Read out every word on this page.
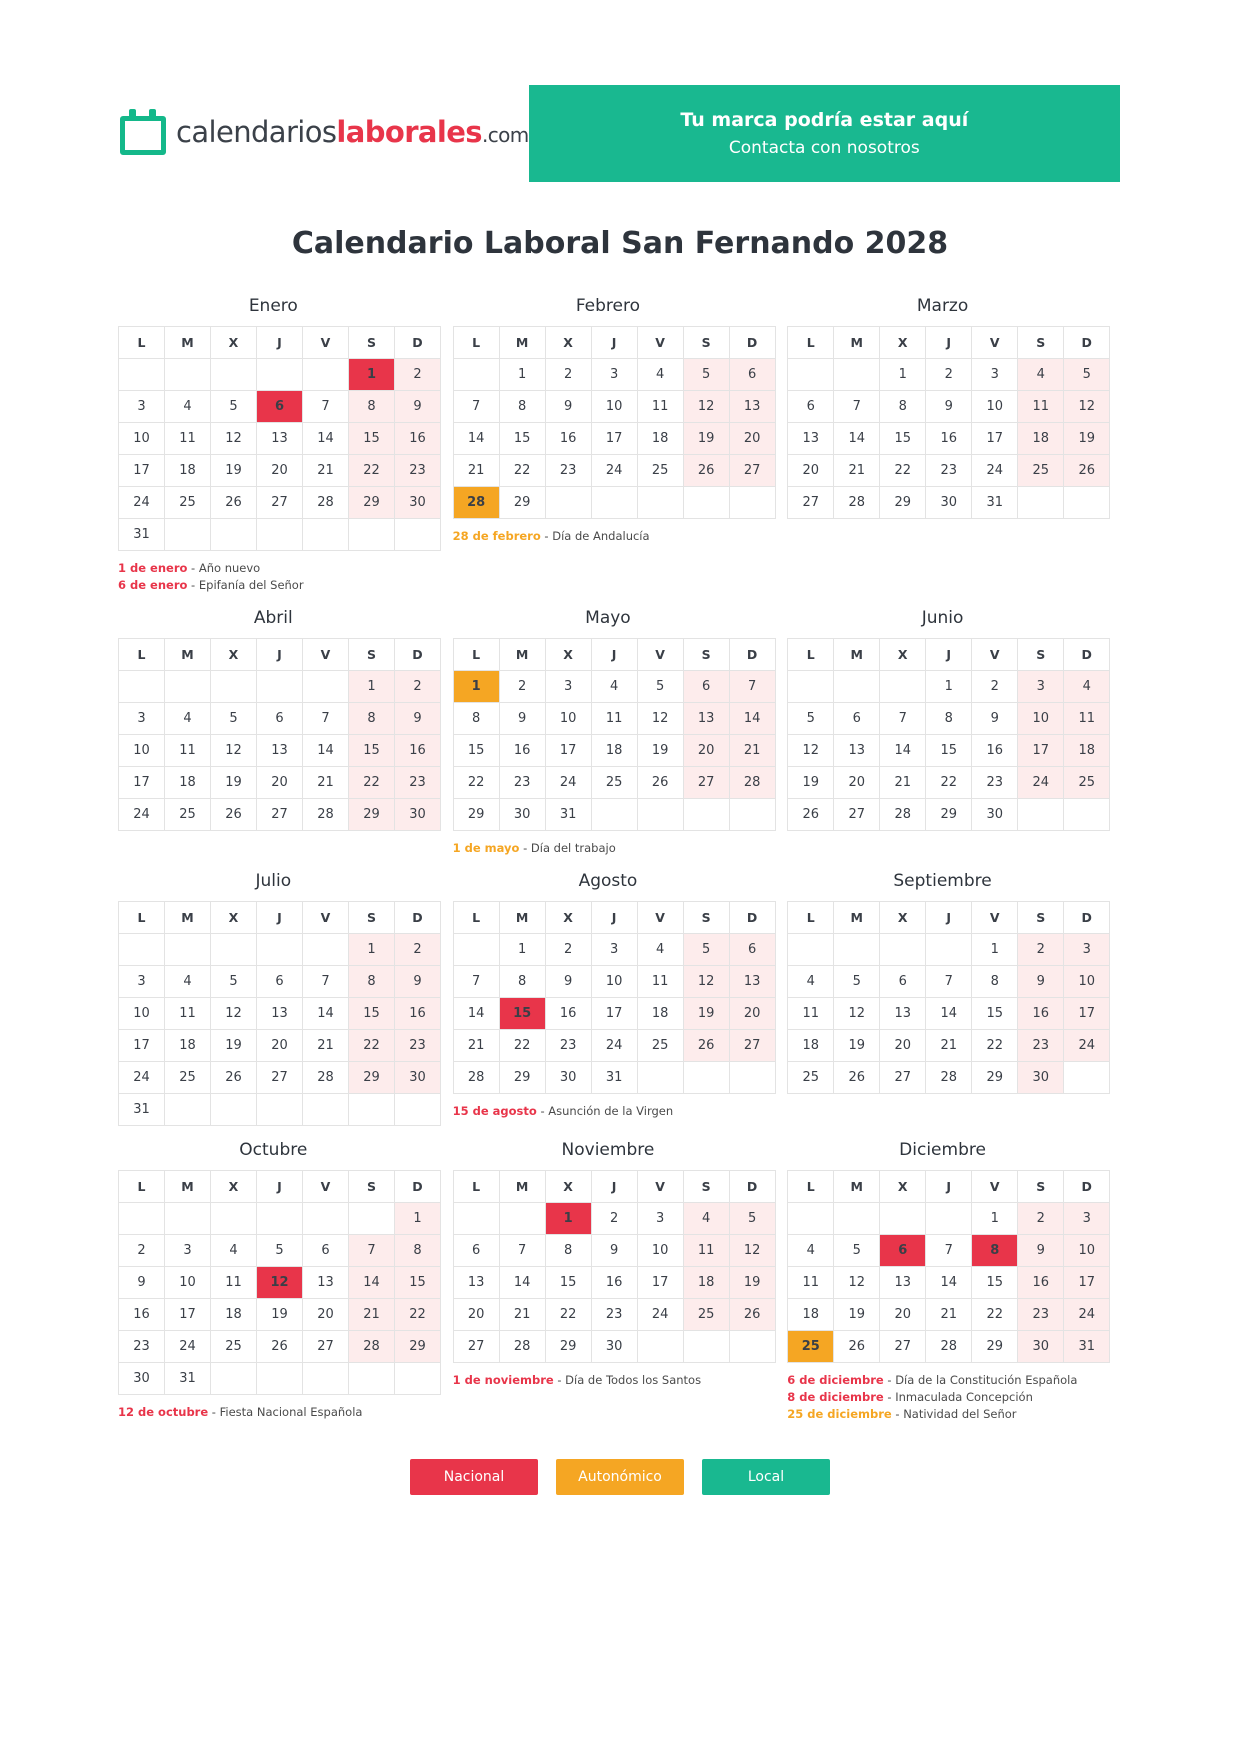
calendarioslaborales.com
Tu marca podría estar aquí
Contacta con nosotros
Calendario Laboral San Fernando 2028
Enero
L	M	X	J	V	S	D
					1	2
3	4	5	6	7	8	9
10	11	12	13	14	15	16
17	18	19	20	21	22	23
24	25	26	27	28	29	30
31						
1 de enero - Año nuevo
6 de enero - Epifanía del Señor
Febrero
L	M	X	J	V	S	D
	1	2	3	4	5	6
7	8	9	10	11	12	13
14	15	16	17	18	19	20
21	22	23	24	25	26	27
28	29					
28 de febrero - Día de Andalucía
Marzo
L	M	X	J	V	S	D
		1	2	3	4	5
6	7	8	9	10	11	12
13	14	15	16	17	18	19
20	21	22	23	24	25	26
27	28	29	30	31		
Abril
L	M	X	J	V	S	D
					1	2
3	4	5	6	7	8	9
10	11	12	13	14	15	16
17	18	19	20	21	22	23
24	25	26	27	28	29	30
Mayo
L	M	X	J	V	S	D
1	2	3	4	5	6	7
8	9	10	11	12	13	14
15	16	17	18	19	20	21
22	23	24	25	26	27	28
29	30	31				
1 de mayo - Día del trabajo
Junio
L	M	X	J	V	S	D
			1	2	3	4
5	6	7	8	9	10	11
12	13	14	15	16	17	18
19	20	21	22	23	24	25
26	27	28	29	30		
Julio
L	M	X	J	V	S	D
					1	2
3	4	5	6	7	8	9
10	11	12	13	14	15	16
17	18	19	20	21	22	23
24	25	26	27	28	29	30
31						
Agosto
L	M	X	J	V	S	D
	1	2	3	4	5	6
7	8	9	10	11	12	13
14	15	16	17	18	19	20
21	22	23	24	25	26	27
28	29	30	31			
15 de agosto - Asunción de la Virgen
Septiembre
L	M	X	J	V	S	D
				1	2	3
4	5	6	7	8	9	10
11	12	13	14	15	16	17
18	19	20	21	22	23	24
25	26	27	28	29	30	
Octubre
L	M	X	J	V	S	D
						1
2	3	4	5	6	7	8
9	10	11	12	13	14	15
16	17	18	19	20	21	22
23	24	25	26	27	28	29
30	31					
12 de octubre - Fiesta Nacional Española
Noviembre
L	M	X	J	V	S	D
		1	2	3	4	5
6	7	8	9	10	11	12
13	14	15	16	17	18	19
20	21	22	23	24	25	26
27	28	29	30			
1 de noviembre - Día de Todos los Santos
Diciembre
L	M	X	J	V	S	D
				1	2	3
4	5	6	7	8	9	10
11	12	13	14	15	16	17
18	19	20	21	22	23	24
25	26	27	28	29	30	31
6 de diciembre - Día de la Constitución Española
8 de diciembre - Inmaculada Concepción
25 de diciembre - Natividad del Señor
Nacional	Autonómico	Local
